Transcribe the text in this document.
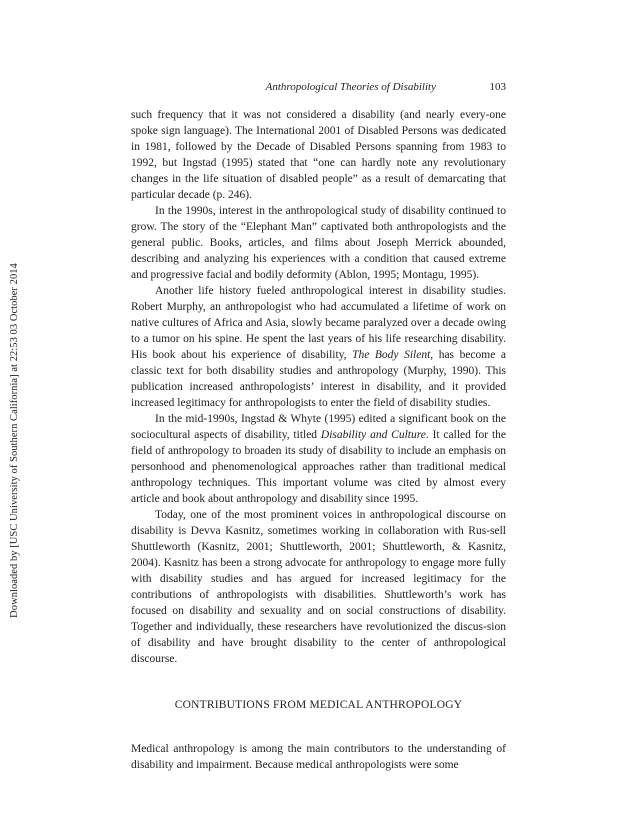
Downloaded by [USC University of Southern California] at 22:53 03 October 2014
Anthropological Theories of Disability	103

such frequency that it was not considered a disability (and nearly every-one spoke sign language). The International 2001 of Disabled Persons was dedicated in 1981, followed by the Decade of Disabled Persons spanning from 1983 to 1992, but Ingstad (1995) stated that “one can hardly note any revolutionary changes in the life situation of disabled people” as a result of demarcating that particular decade (p. 246).

In the 1990s, interest in the anthropological study of disability continued to grow. The story of the “Elephant Man” captivated both anthropologists and the general public. Books, articles, and films about Joseph Merrick abounded, describing and analyzing his experiences with a condition that caused extreme and progressive facial and bodily deformity (Ablon, 1995; Montagu, 1995).

Another life history fueled anthropological interest in disability studies. Robert Murphy, an anthropologist who had accumulated a lifetime of work on native cultures of Africa and Asia, slowly became paralyzed over a decade owing to a tumor on his spine. He spent the last years of his life researching disability. His book about his experience of disability, The Body Silent, has become a classic text for both disability studies and anthropology (Murphy, 1990). This publication increased anthropologists’ interest in disability, and it provided increased legitimacy for anthropologists to enter the field of disability studies.

In the mid-1990s, Ingstad & Whyte (1995) edited a significant book on the sociocultural aspects of disability, titled Disability and Culture. It called for the field of anthropology to broaden its study of disability to include an emphasis on personhood and phenomenological approaches rather than traditional medical anthropology techniques. This important volume was cited by almost every article and book about anthropology and disability since 1995.

Today, one of the most prominent voices in anthropological discourse on disability is Devva Kasnitz, sometimes working in collaboration with Rus-sell Shuttleworth (Kasnitz, 2001; Shuttleworth, 2001; Shuttleworth, & Kasnitz, 2004). Kasnitz has been a strong advocate for anthropology to engage more fully with disability studies and has argued for increased legitimacy for the contributions of anthropologists with disabilities. Shuttleworth’s work has focused on disability and sexuality and on social constructions of disability. Together and individually, these researchers have revolutionized the discus-sion of disability and have brought disability to the center of anthropological discourse.

CONTRIBUTIONS FROM MEDICAL ANTHROPOLOGY

Medical anthropology is among the main contributors to the understanding of disability and impairment. Because medical anthropologists were some
